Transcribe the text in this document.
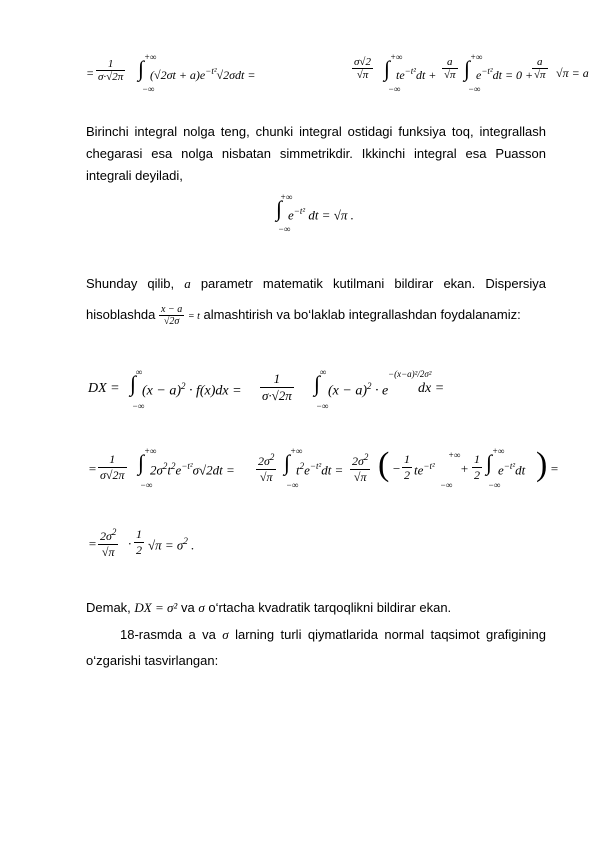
= $\frac{1}{\sigma\cdot√2\pi}$ ∫ +∞
−∞
$(√2\sigma t + a)e^{-t^2}√2\sigma dt$ =	$\frac{\sigma√2}{√\pi}$ ∫ +∞
−∞
$te^{-t^2}dt + \frac{a}{√\pi}$ ∫ +∞
−∞
$e^{-t^2}dt = 0$ +
$\frac{a}{√\pi} √\pi = a$
Birinchi integral nolga teng, chunki integral ostidagi funksiya toq, integrallash chegarasi esa nolga nisbatan simmetrikdir. Ikkinchi integral esa Puasson integrali deyiladi,
∫
+∞
−∞
$e^{-t^2}$ dt = √π .
Shunday qilib, a parametr matematik kutilmani bildirar ekan. Dispersiya
hisoblashda $\frac{x - a}{√2\sigma} = t$ almashtirish va bo‘laklab integrallashdan foydalanamiz:
DX = ∫ ∞
−∞
$(x - a)^2 \cdot f(x)dx = \frac{1}{\sigma\cdot√2\pi}$ ∫ ∞
−∞
$(x - a)^2 \cdot e$
−(x−a)²/2σ²
dx =
= $\frac{1}{\sigma√2\pi}$ ∫ +∞
−∞
$2\sigma^2t^2e^{-t^2}\sigma√2dt = \frac{2\sigma^2}{√\pi}$ ∫ +∞
−∞
$t^2e^{-t^2}dt = \frac{2\sigma^2}{√\pi}$ ( − $\frac{1}{2} te^{-t^2}$
+∞
−∞
+ $\frac{1}{2}$ ∫ +∞
−∞
$e^{-t^2}dt$ ) =
= $\frac{2\sigma^2}{√\pi} \cdot \frac{1}{2} √\pi = \sigma^2$ .
Demak, DX = σ² va σ o‘rtacha kvadratik tarqoqlikni bildirar ekan.
18-rasmda a va σ larning turli qiymatlarida normal taqsimot grafigining
o‘zgarishi tasvirlangan:
